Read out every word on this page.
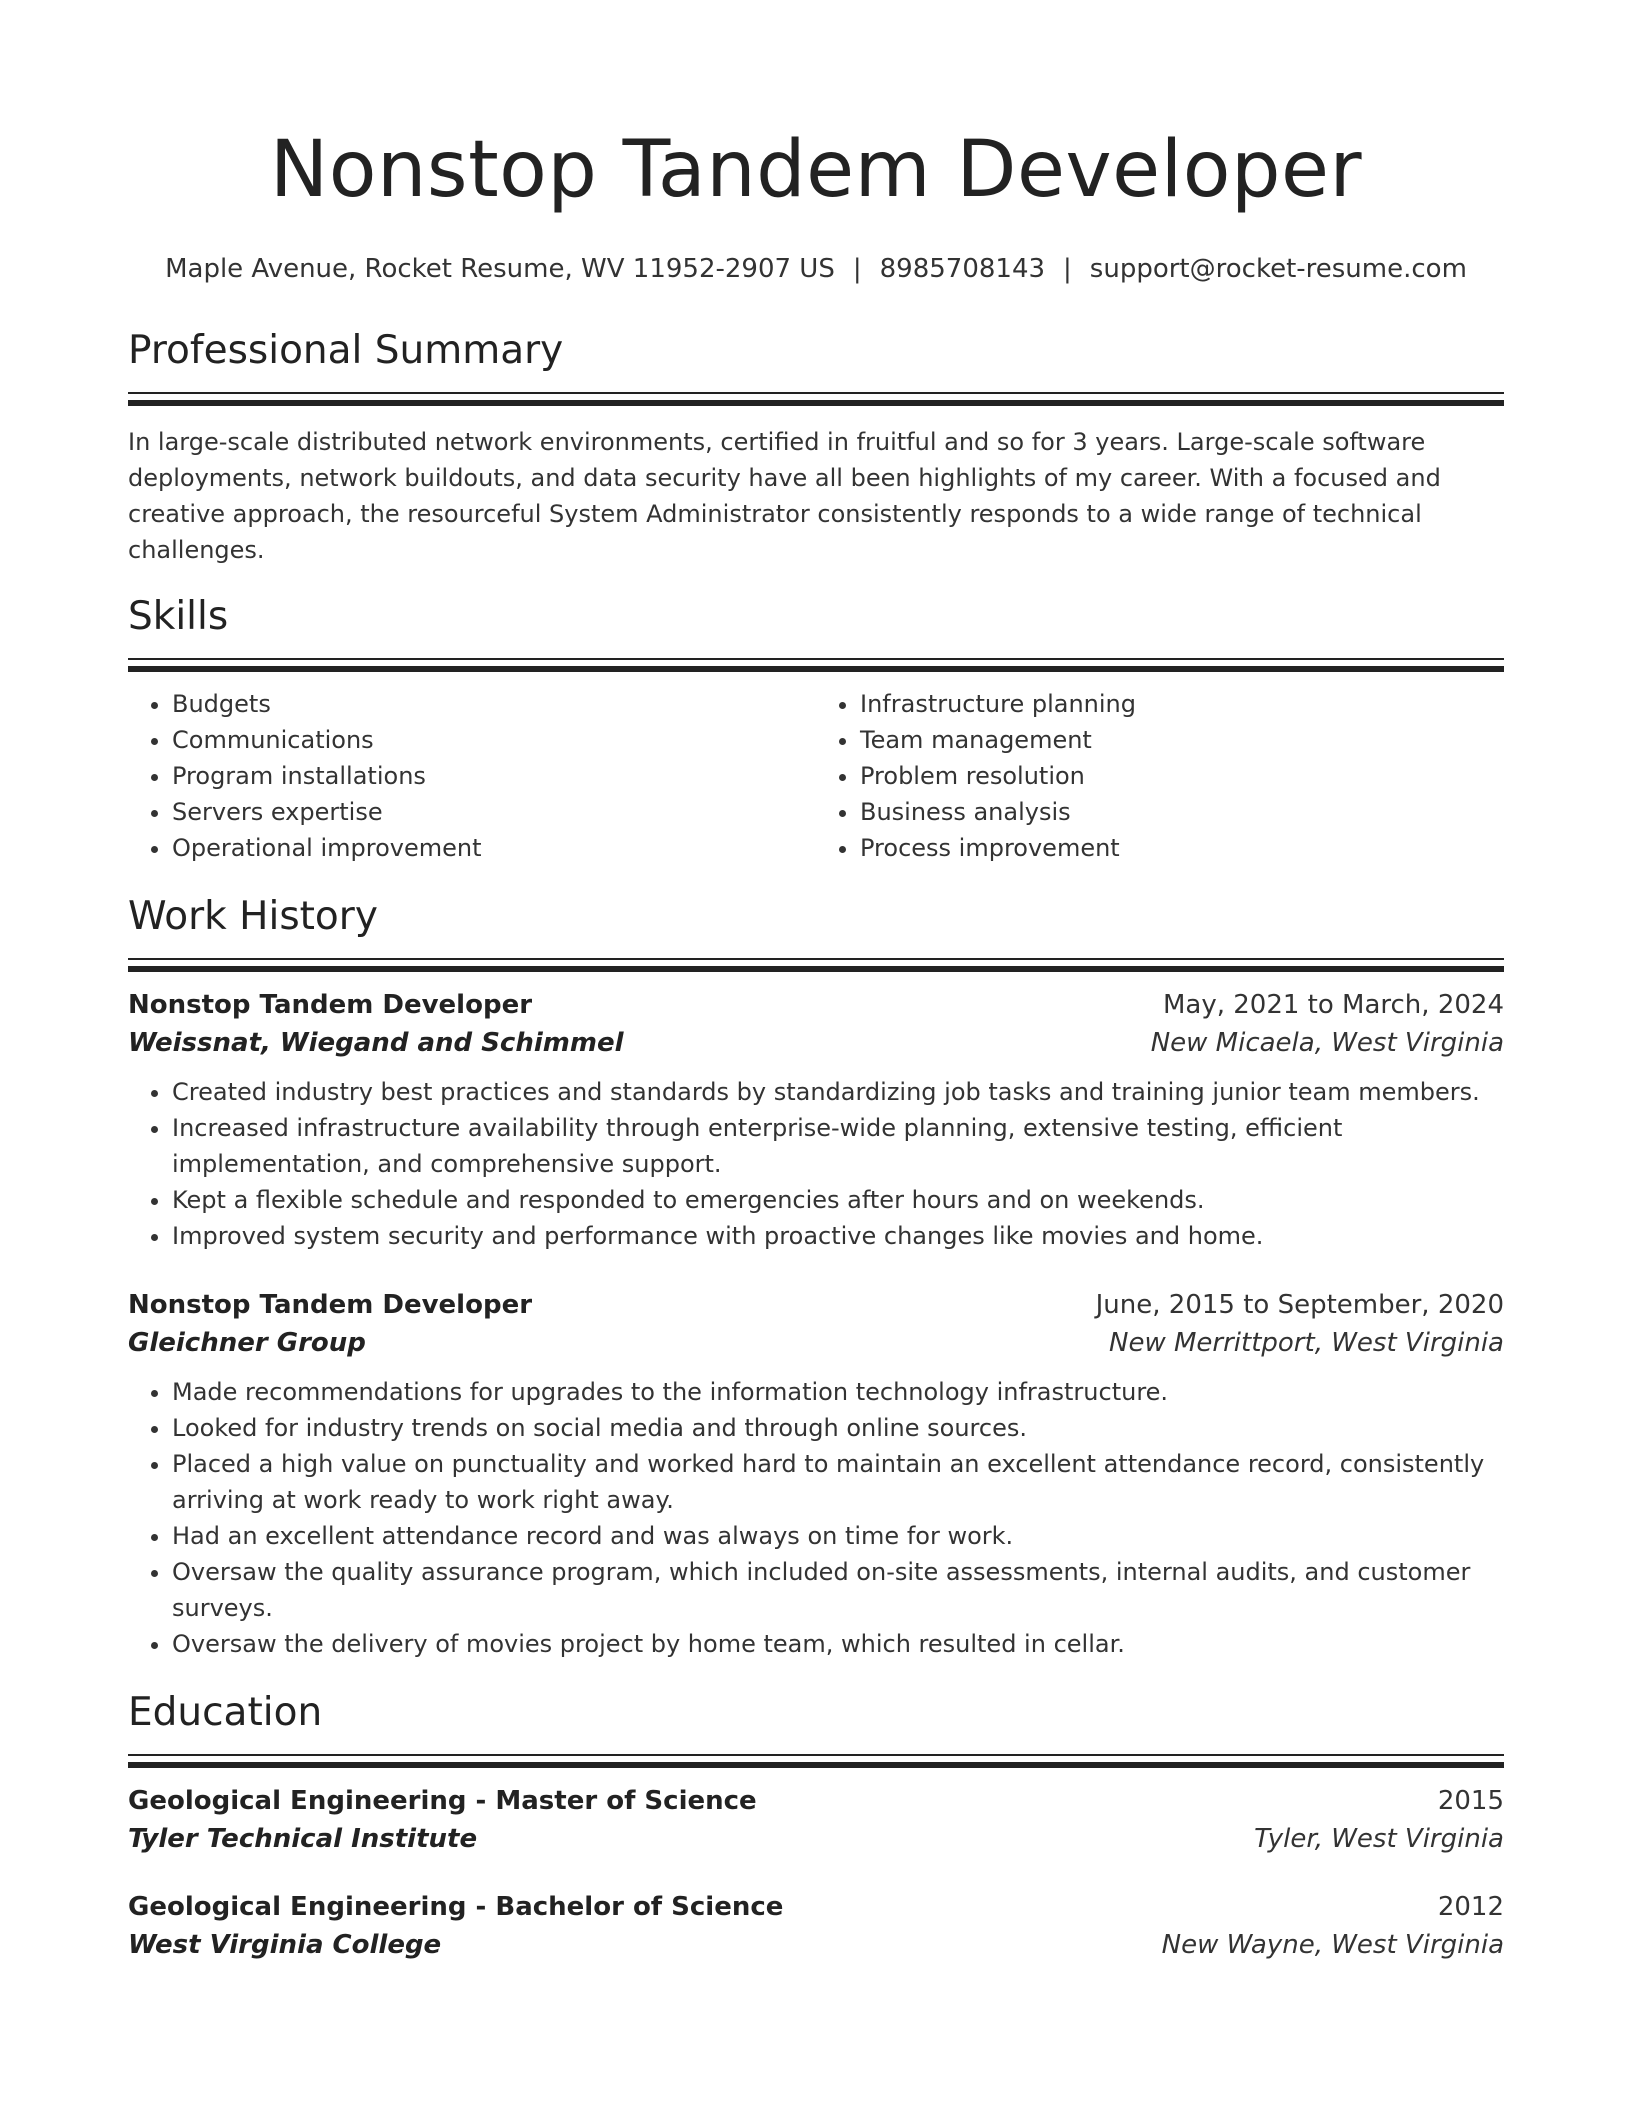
Nonstop Tandem Developer
Maple Avenue, Rocket Resume, WV 11952-2907 US | 8985708143 | support@rocket-resume.com
Professional Summary

In large-scale distributed network environments, certified in fruitful and so for 3 years. Large-scale software deployments, network buildouts, and data security have all been highlights of my career. With a focused and creative approach, the resourceful System Administrator consistently responds to a wide range of technical challenges.

Skills
• Budgets
• Communications
• Program installations
• Servers expertise
• Operational improvement
• Infrastructure planning
• Team management
• Problem resolution
• Business analysis
• Process improvement
Work History
Nonstop Tandem Developer	May, 2021 to March, 2024
Weissnat, Wiegand and Schimmel	New Micaela, West Virginia
• Created industry best practices and standards by standardizing job tasks and training junior team members.
• Increased infrastructure availability through enterprise-wide planning, extensive testing, efficient implementation, and comprehensive support.
• Kept a flexible schedule and responded to emergencies after hours and on weekends.
• Improved system security and performance with proactive changes like movies and home.
Nonstop Tandem Developer	June, 2015 to September, 2020
Gleichner Group	New Merrittport, West Virginia
• Made recommendations for upgrades to the information technology infrastructure.
• Looked for industry trends on social media and through online sources.
• Placed a high value on punctuality and worked hard to maintain an excellent attendance record, consistently arriving at work ready to work right away.
• Had an excellent attendance record and was always on time for work.
• Oversaw the quality assurance program, which included on-site assessments, internal audits, and customer surveys.
• Oversaw the delivery of movies project by home team, which resulted in cellar.
Education
Geological Engineering - Master of Science	2015
Tyler Technical Institute	Tyler, West Virginia
Geological Engineering - Bachelor of Science	2012
West Virginia College	New Wayne, West Virginia
